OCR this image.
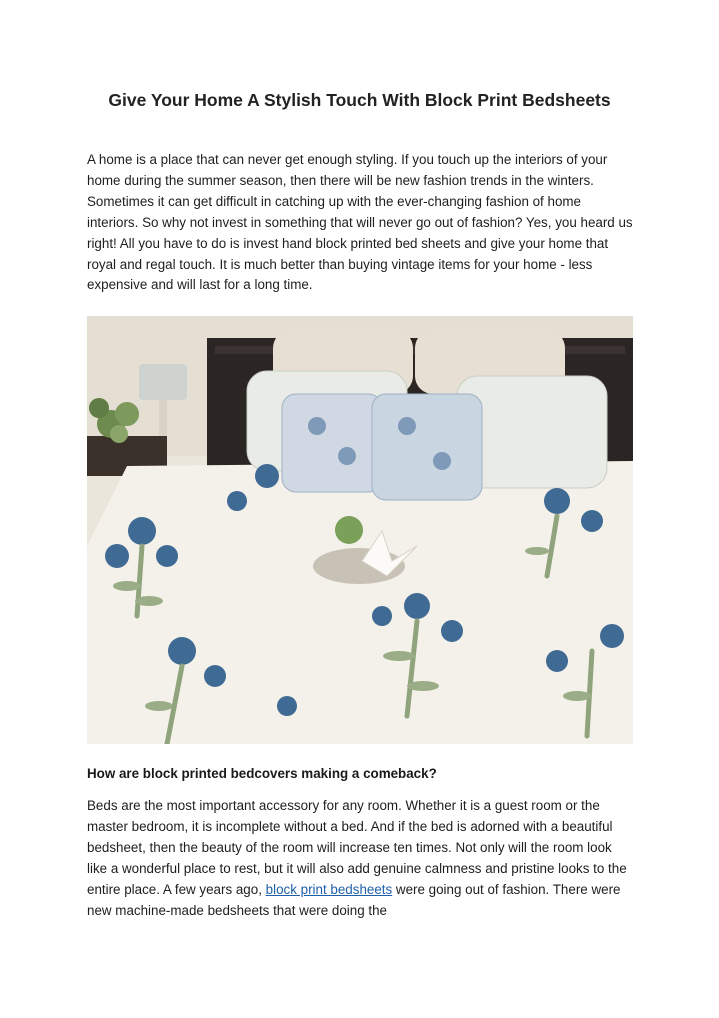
Give Your Home A Stylish Touch With Block Print Bedsheets

A home is a place that can never get enough styling. If you touch up the interiors of your home during the summer season, then there will be new fashion trends in the winters. Sometimes it can get difficult in catching up with the ever-changing fashion of home interiors. So why not invest in something that will never go out of fashion? Yes, you heard us right! All you have to do is invest hand block printed bed sheets and give your home that royal and regal touch. It is much better than buying vintage items for your home - less expensive and will last for a long time.

How are block printed bedcovers making a comeback?

Beds are the most important accessory for any room. Whether it is a guest room or the master bedroom, it is incomplete without a bed. And if the bed is adorned with a beautiful bedsheet, then the beauty of the room will increase ten times. Not only will the room look like a wonderful place to rest, but it will also add genuine calmness and pristine looks to the entire place. A few years ago, block print bedsheets were going out of fashion. There were new machine-made bedsheets that were doing the
